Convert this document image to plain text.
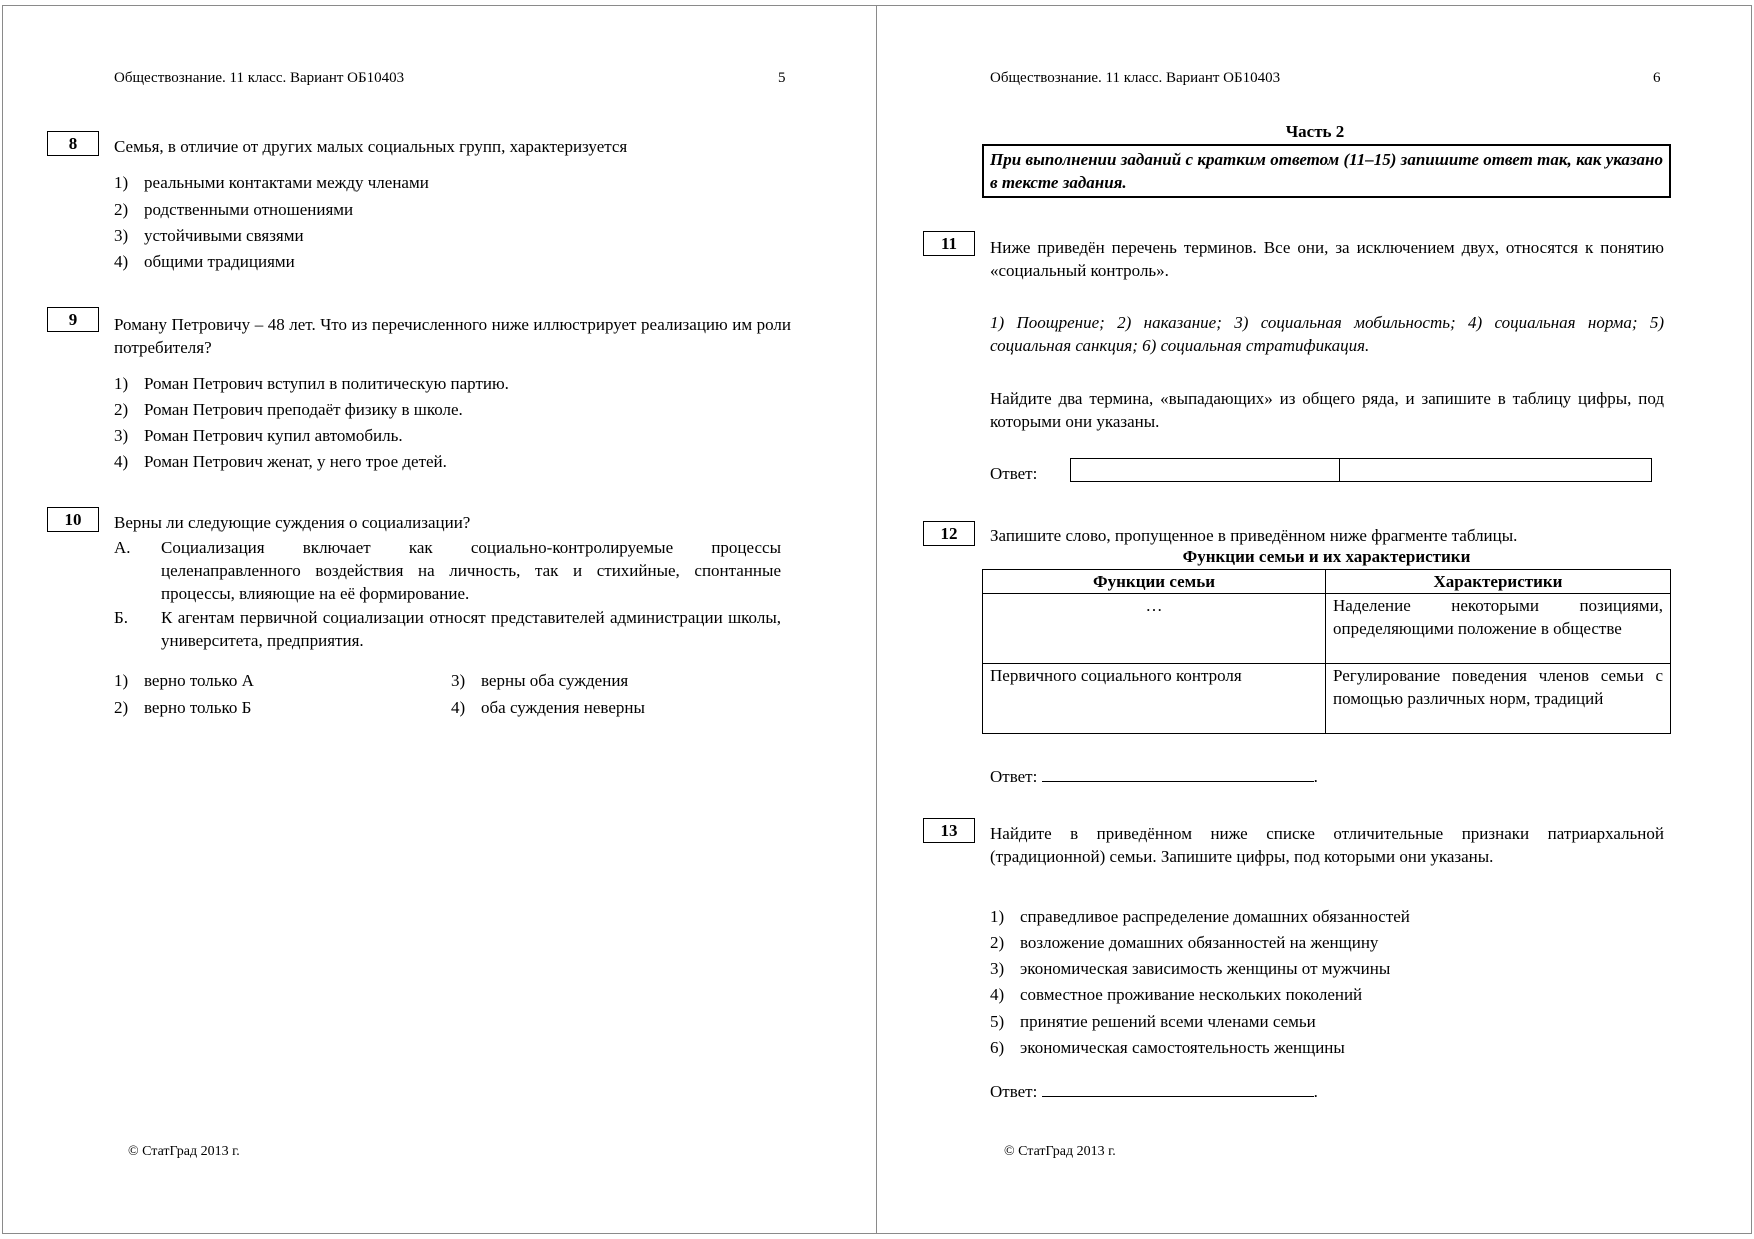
Обществознание. 11 класс. Вариант ОБ10403	5
8	Семья, в отличие от других малых социальных групп, характеризуется
1) реальными контактами между членами
2) родственными отношениями
3) устойчивыми связями
4) общими традициями
9	Роману Петровичу – 48 лет. Что из перечисленного ниже иллюстрирует реализацию им роли потребителя?
1) Роман Петрович вступил в политическую партию.
2) Роман Петрович преподаёт физику в школе.
3) Роман Петрович купил автомобиль.
4) Роман Петрович женат, у него трое детей.
10	Верны ли следующие суждения о социализации?
А.	Социализация включает как социально-контролируемые процессы целенаправленного воздействия на личность, так и стихийные, спонтанные процессы, влияющие на её формирование.
Б.	К агентам первичной социализации относят представителей администрации школы, университета, предприятия.
1) верно только А
2) верно только Б
3) верны оба суждения
4) оба суждения неверны
© СтатГрад 2013 г.
Обществознание. 11 класс. Вариант ОБ10403	6
Часть 2
При выполнении заданий с кратким ответом (11–15) запишите ответ так, как указано в тексте задания.
11	Ниже приведён перечень терминов. Все они, за исключением двух, относятся к понятию «социальный контроль».
1) Поощрение; 2) наказание; 3) социальная мобильность; 4) социальная норма; 5) социальная санкция; 6) социальная стратификация.
Найдите два термина, «выпадающих» из общего ряда, и запишите в таблицу цифры, под которыми они указаны.
Ответ:
12	Запишите слово, пропущенное в приведённом ниже фрагменте таблицы.
Функции семьи и их характеристики
Функции семьи	Характеристики
…	Наделение некоторыми позициями, определяющими положение в обществе
Первичного социального контроля	Регулирование поведения членов семьи с помощью различных норм, традиций
Ответ:	.
13	Найдите в приведённом ниже списке отличительные признаки патриархальной (традиционной) семьи. Запишите цифры, под которыми они указаны.
1) справедливое распределение домашних обязанностей
2) возложение домашних обязанностей на женщину
3) экономическая зависимость женщины от мужчины
4) совместное проживание нескольких поколений
5) принятие решений всеми членами семьи
6) экономическая самостоятельность женщины
Ответ:	.
© СтатГрад 2013 г.
